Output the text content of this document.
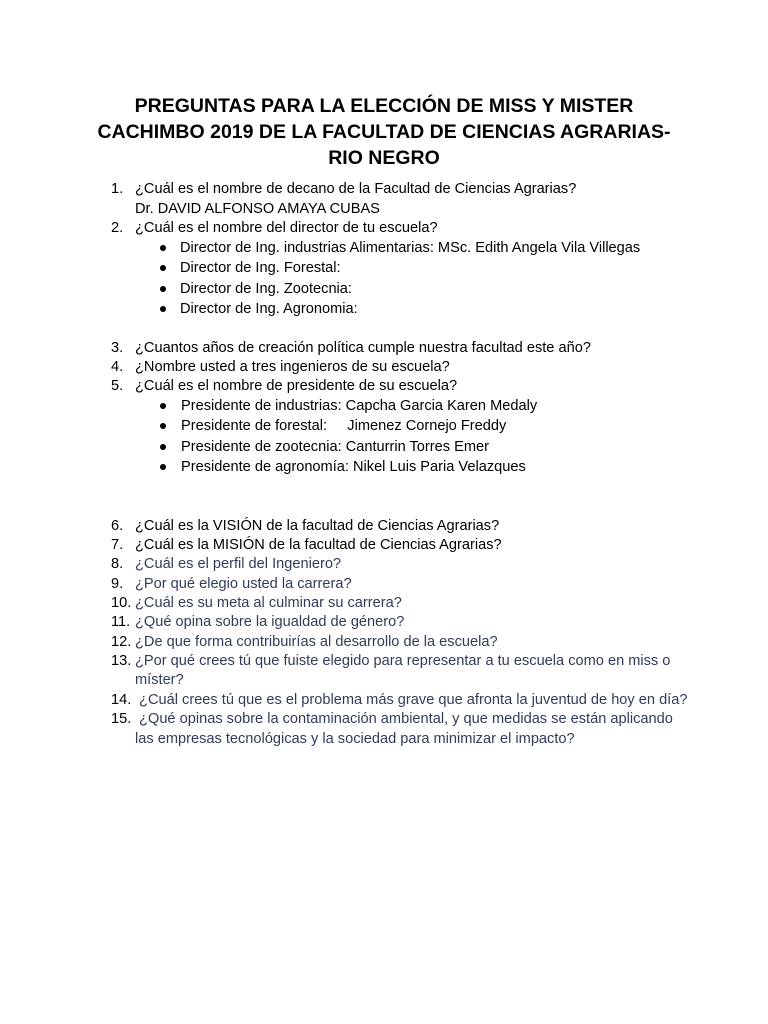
PREGUNTAS PARA LA ELECCIÓN DE MISS Y MISTER
CACHIMBO 2019 DE LA FACULTAD DE CIENCIAS AGRARIAS-
RIO NEGRO
1. ¿Cuál es el nombre de decano de la Facultad de Ciencias Agrarias?
Dr. DAVID ALFONSO AMAYA CUBAS
2. ¿Cuál es el nombre del director de tu escuela?
Director de Ing. industrias Alimentarias: MSc. Edith Angela Vila Villegas
Director de Ing. Forestal:
Director de Ing. Zootecnia:
Director de Ing. Agronomia:
3. ¿Cuantos años de creación política cumple nuestra facultad este año?
4. ¿Nombre usted a tres ingenieros de su escuela?
5. ¿Cuál es el nombre de presidente de su escuela?
Presidente de industrias: Capcha Garcia Karen Medaly
Presidente de forestal:     Jimenez Cornejo Freddy
Presidente de zootecnia: Canturrin Torres Emer
Presidente de agronomía: Nikel Luis Paria Velazques
6. ¿Cuál es la VISIÓN de la facultad de Ciencias Agrarias?
7. ¿Cuál es la MISIÓN de la facultad de Ciencias Agrarias?
8. ¿Cuál es el perfil del Ingeniero?
9. ¿Por qué elegio usted la carrera?
10. ¿Cuál es su meta al culminar su carrera?
11. ¿Qué opina sobre la igualdad de género?
12. ¿De que forma contribuirías al desarrollo de la escuela?
13. ¿Por qué crees tú que fuiste elegido para representar a tu escuela como en miss o
míster?
14. ¿Cuál crees tú que es el problema más grave que afronta la juventud de hoy en día?
15. ¿Qué opinas sobre la contaminación ambiental, y que medidas se están aplicando
las empresas tecnológicas y la sociedad para minimizar el impacto?
